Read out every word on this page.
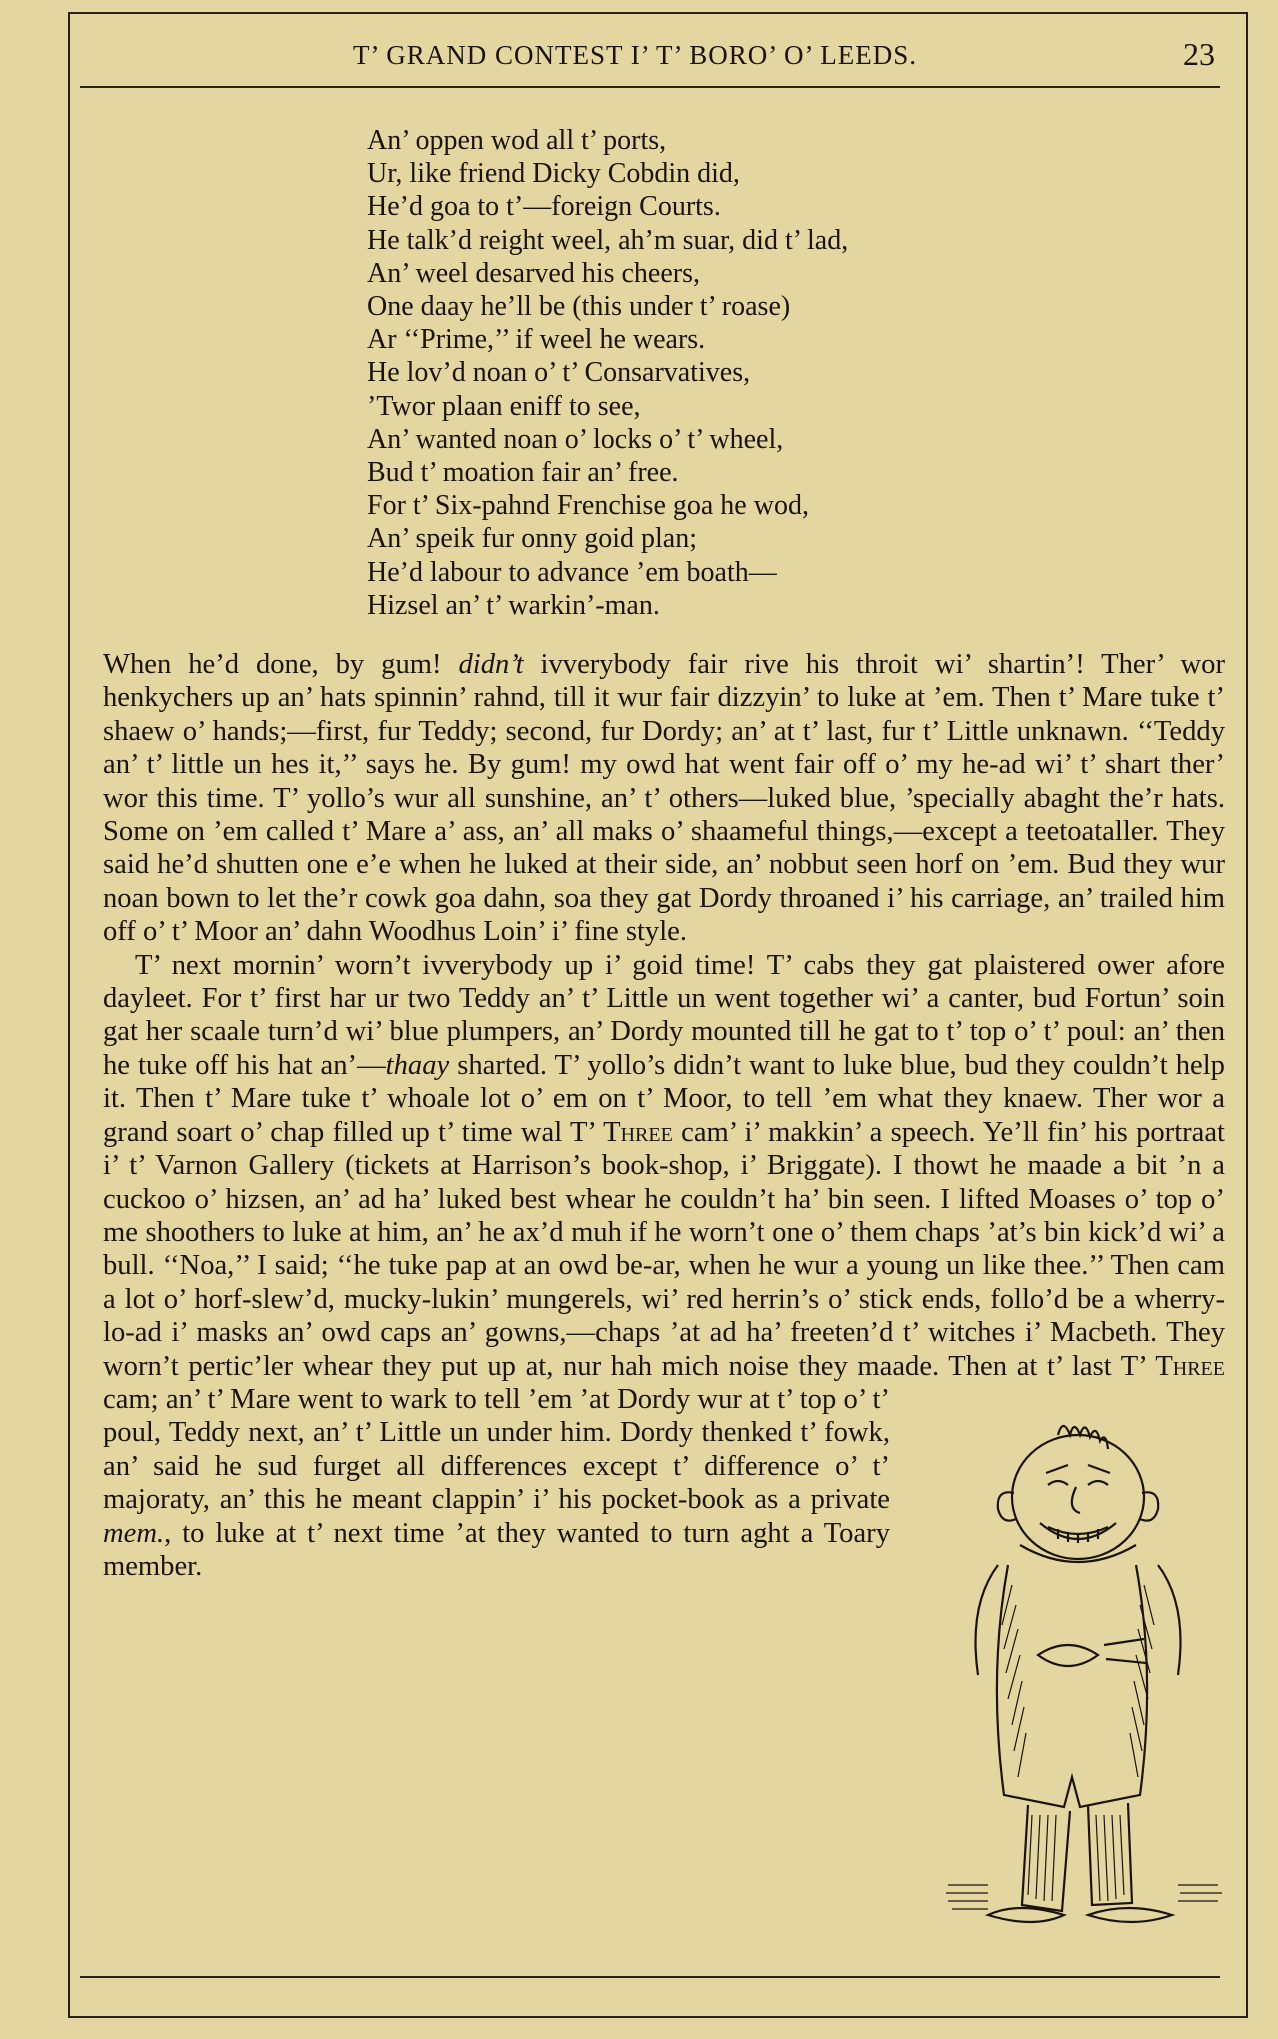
T’ GRAND CONTEST I’ T’ BORO’ O’ LEEDS.	23
An’ oppen wod all t’ ports,
Ur, like friend Dicky Cobdin did,
He’d goa to t’—foreign Courts.
He talk’d reight weel, ah’m suar, did t’ lad,
An’ weel desarved his cheers,
One daay he’ll be (this under t’ roase)
Ar ‘‘Prime,’’ if weel he wears.
He lov’d noan o’ t’ Consarvatives,
’Twor plaan eniff to see,
An’ wanted noan o’ locks o’ t’ wheel,
Bud t’ moation fair an’ free.
For t’ Six-pahnd Frenchise goa he wod,
An’ speik fur onny goid plan;
He’d labour to advance ’em boath—
Hizsel an’ t’ warkin’-man.

When he’d done, by gum! didn’t ivverybody fair rive his throit wi’ shartin’! Ther’ wor henkychers up an’ hats spinnin’ rahnd, till it wur fair dizzyin’ to luke at ’em. Then t’ Mare tuke t’ shaew o’ hands;—first, fur Teddy; second, fur Dordy; an’ at t’ last, fur t’ Little unknawn. ‘‘Teddy an’ t’ little un hes it,’’ says he. By gum! my owd hat went fair off o’ my he-ad wi’ t’ shart ther’ wor this time. T’ yollo’s wur all sunshine, an’ t’ others—luked blue, ’specially abaght the’r hats. Some on ’em called t’ Mare a’ ass, an’ all maks o’ shaameful things,—except a teetoataller. They said he’d shutten one e’e when he luked at their side, an’ nobbut seen horf on ’em. Bud they wur noan bown to let the’r cowk goa dahn, soa they gat Dordy throaned i’ his carriage, an’ trailed him off o’ t’ Moor an’ dahn Woodhus Loin’ i’ fine style.

T’ next mornin’ worn’t ivverybody up i’ goid time! T’ cabs they gat plaistered ower afore dayleet. For t’ first har ur two Teddy an’ t’ Little un went together wi’ a canter, bud Fortun’ soin gat her scaale turn’d wi’ blue plumpers, an’ Dordy mounted till he gat to t’ top o’ t’ poul: an’ then he tuke off his hat an’—thaay sharted. T’ yollo’s didn’t want to luke blue, bud they couldn’t help it. Then t’ Mare tuke t’ whoale lot o’ em on t’ Moor, to tell ’em what they knaew. Ther wor a grand soart o’ chap filled up t’ time wal T’ Three cam’ i’ makkin’ a speech. Ye’ll fin’ his portraat i’ t’ Varnon Gallery (tickets at Harrison’s book-shop, i’ Briggate). I thowt he maade a bit ’n a cuckoo o’ hizsen, an’ ad ha’ luked best whear he couldn’t ha’ bin seen. I lifted Moases o’ top o’ me shoothers to luke at him, an’ he ax’d muh if he worn’t one o’ them chaps ’at’s bin kick’d wi’ a bull. ‘‘Noa,’’ I said; ‘‘he tuke pap at an owd be-ar, when he wur a young un like thee.’’ Then cam a lot o’ horf-slew’d, mucky-lukin’ mungerels, wi’ red herrin’s o’ stick ends, follo’d be a wherry-lo-ad i’ masks an’ owd caps an’ gowns,—chaps ’at ad ha’ freeten’d t’ witches i’ Macbeth. They worn’t pertic’ler whear they put up at, nur hah mich noise they maade. Then at t’ last T’ Three cam; an’ t’ Mare went to wark to tell ’em ’at Dordy wur at t’ top o’ t’ poul, Teddy next, an’ t’ Little un under him. Dordy thenked t’ fowk, an’ said he sud furget all differences except t’ difference o’ t’ majoraty, an’ this he meant clappin’ i’ his pocket-book as a private mem., to luke at t’ next time ’at they wanted to turn aght a Toary member.
